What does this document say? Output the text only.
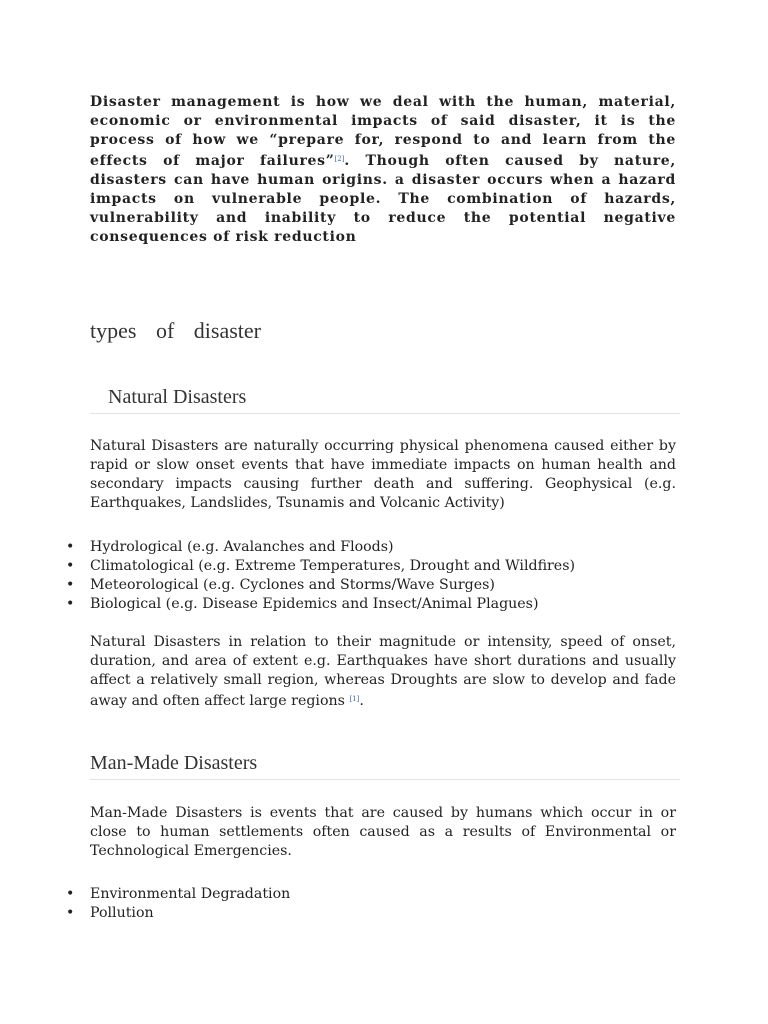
Disaster management is how we deal with the human, material, economic or environmental impacts of said disaster, it is the process of how we “prepare for, respond to and learn from the effects of major failures”[2]. Though often caused by nature, disasters can have human origins. a disaster occurs when a hazard impacts on vulnerable people. The combination of hazards, vulnerability and inability to reduce the potential negative consequences of risk reduction

types of disaster
Natural Disasters

Natural Disasters are naturally occurring physical phenomena caused either by rapid or slow onset events that have immediate impacts on human health and secondary impacts causing further death and suffering. Geophysical (e.g. Earthquakes, Landslides, Tsunamis and Volcanic Activity)

• Hydrological (e.g. Avalanches and Floods)
• Climatological (e.g. Extreme Temperatures, Drought and Wildfires)
• Meteorological (e.g. Cyclones and Storms/Wave Surges)
• Biological (e.g. Disease Epidemics and Insect/Animal Plagues)

Natural Disasters in relation to their magnitude or intensity, speed of onset, duration, and area of extent e.g. Earthquakes have short durations and usually affect a relatively small region, whereas Droughts are slow to develop and fade away and often affect large regions [1].

Man-Made Disasters

Man-Made Disasters is events that are caused by humans which occur in or close to human settlements often caused as a results of Environmental or Technological Emergencies.

• Environmental Degradation
• Pollution
